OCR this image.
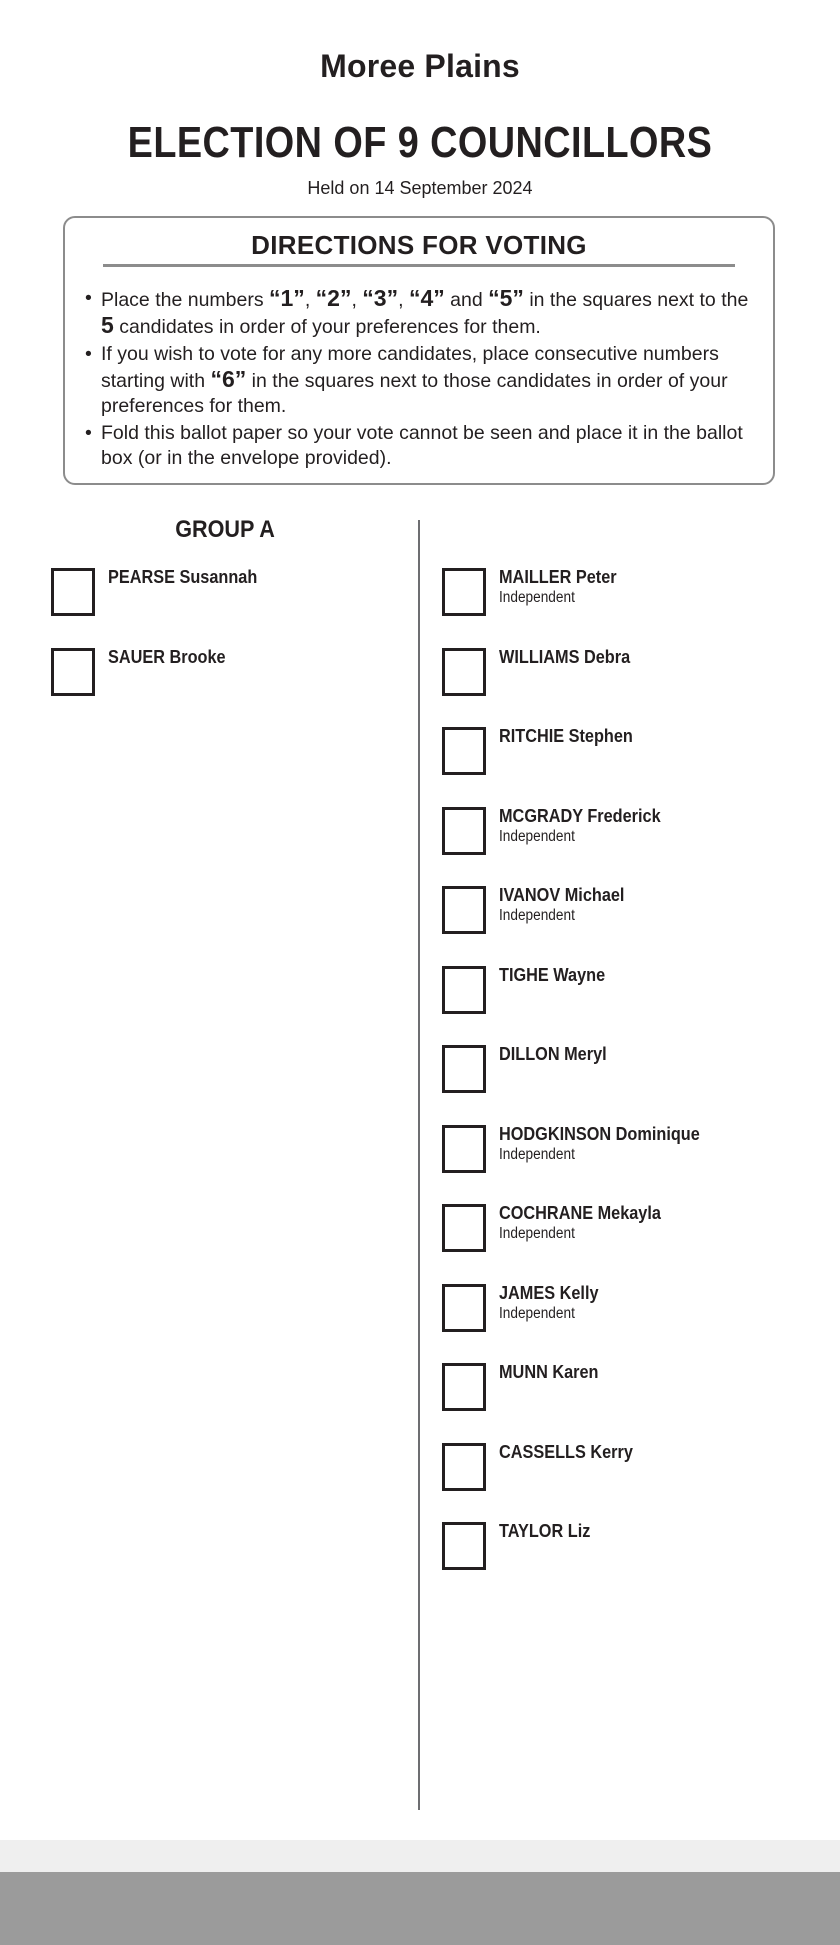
Moree Plains
ELECTION OF 9 COUNCILLORS
Held on 14 September 2024
DIRECTIONS FOR VOTING
• Place the numbers “1”, “2”, “3”, “4” and “5” in the squares next to the 5 candidates in order of your preferences for them.
• If you wish to vote for any more candidates, place consecutive numbers starting with “6” in the squares next to those candidates in order of your preferences for them.
• Fold this ballot paper so your vote cannot be seen and place it in the ballot box (or in the envelope provided).
GROUP A
PEARSE Susannah
SAUER Brooke
MAILLER Peter
Independent
WILLIAMS Debra
RITCHIE Stephen
MCGRADY Frederick
Independent
IVANOV Michael
Independent
TIGHE Wayne
DILLON Meryl
HODGKINSON Dominique
Independent
COCHRANE Mekayla
Independent
JAMES Kelly
Independent
MUNN Karen
CASSELLS Kerry
TAYLOR Liz
